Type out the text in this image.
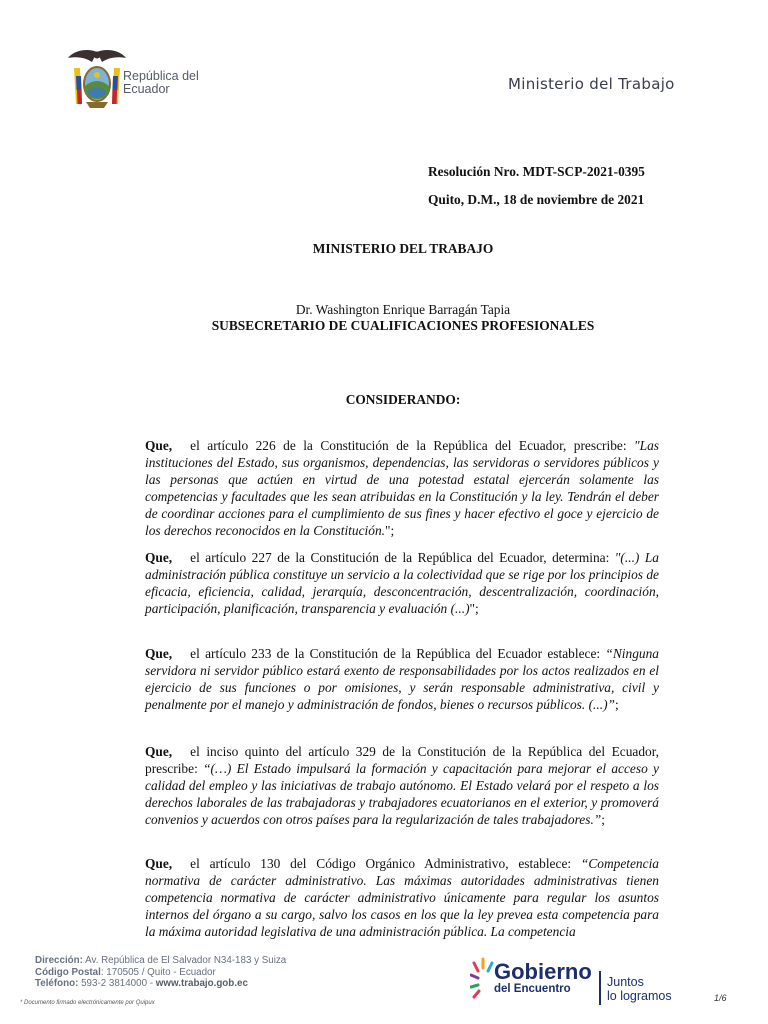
República del Ecuador	Ministerio del Trabajo
Resolución Nro. MDT-SCP-2021-0395
Quito, D.M., 18 de noviembre de 2021
MINISTERIO DEL TRABAJO
Dr. Washington Enrique Barragán Tapia
SUBSECRETARIO DE CUALIFICACIONES PROFESIONALES
CONSIDERANDO:
Que, el artículo 226 de la Constitución de la República del Ecuador, prescribe: "Las instituciones del Estado, sus organismos, dependencias, las servidoras o servidores públicos y las personas que actúen en virtud de una potestad estatal ejercerán solamente las competencias y facultades que les sean atribuidas en la Constitución y la ley. Tendrán el deber de coordinar acciones para el cumplimiento de sus fines y hacer efectivo el goce y ejercicio de los derechos reconocidos en la Constitución.";
Que, el artículo 227 de la Constitución de la República del Ecuador, determina: "(...) La administración pública constituye un servicio a la colectividad que se rige por los principios de eficacia, eficiencia, calidad, jerarquía, desconcentración, descentralización, coordinación, participación, planificación, transparencia y evaluación (...)";
Que, el artículo 233 de la Constitución de la República del Ecuador establece: “Ninguna servidora ni servidor público estará exento de responsabilidades por los actos realizados en el ejercicio de sus funciones o por omisiones, y serán responsable administrativa, civil y penalmente por el manejo y administración de fondos, bienes o recursos públicos. (...)”;
Que, el inciso quinto del artículo 329 de la Constitución de la República del Ecuador, prescribe: “(…) El Estado impulsará la formación y capacitación para mejorar el acceso y calidad del empleo y las iniciativas de trabajo autónomo. El Estado velará por el respeto a los derechos laborales de las trabajadoras y trabajadores ecuatorianos en el exterior, y promoverá convenios y acuerdos con otros países para la regularización de tales trabajadores.”;
Que, el artículo 130 del Código Orgánico Administrativo, establece: “Competencia normativa de carácter administrativo. Las máximas autoridades administrativas tienen competencia normativa de carácter administrativo únicamente para regular los asuntos internos del órgano a su cargo, salvo los casos en los que la ley prevea esta competencia para la máxima autoridad legislativa de una administración pública. La competencia
Dirección: Av. República de El Salvador N34-183 y Suiza
Código Postal: 170505 / Quito - Ecuador
Teléfono: 593-2 3814000 - www.trabajo.gob.ec
* Documento firmado electrónicamente por Quipux
Gobierno
del Encuentro	Juntos
lo logramos	1/6
